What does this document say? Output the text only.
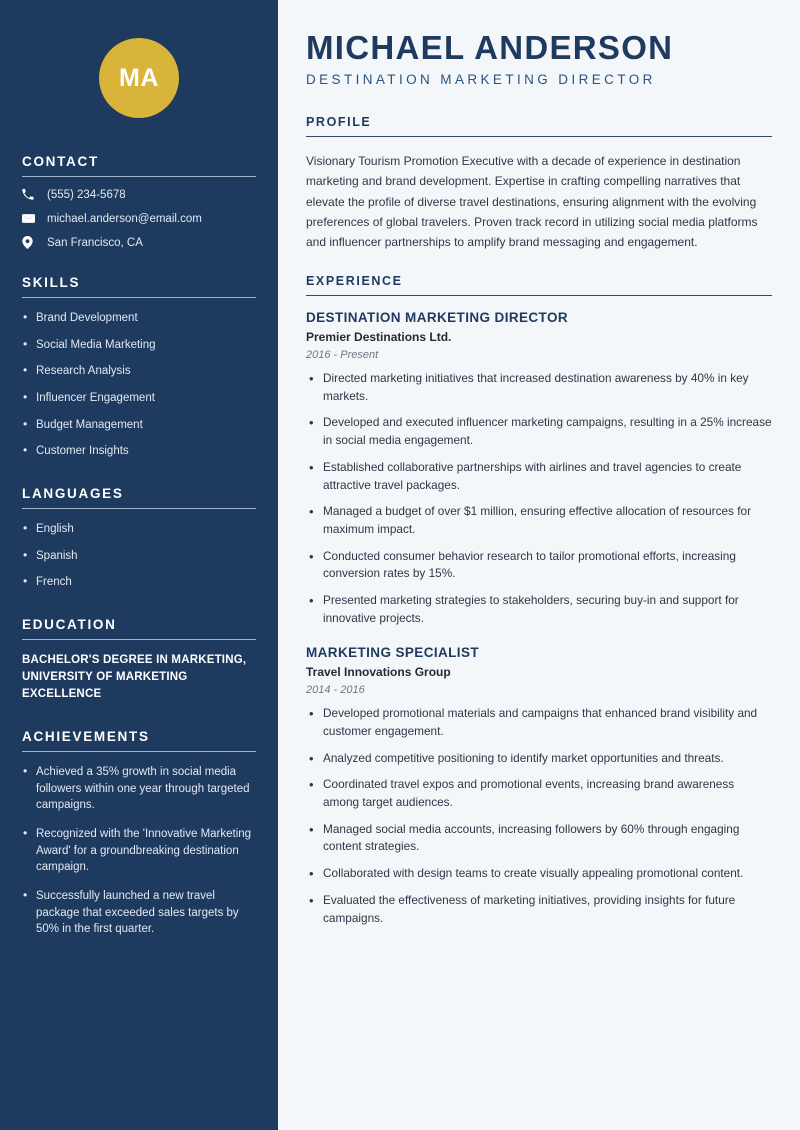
MA
CONTACT
(555) 234-5678
michael.anderson@email.com
San Francisco, CA
SKILLS
• Brand Development
• Social Media Marketing
• Research Analysis
• Influencer Engagement
• Budget Management
• Customer Insights
LANGUAGES
• English
• Spanish
• French
EDUCATION
BACHELOR'S DEGREE IN MARKETING, UNIVERSITY OF MARKETING EXCELLENCE
ACHIEVEMENTS
• Achieved a 35% growth in social media followers within one year through targeted campaigns.
• Recognized with the 'Innovative Marketing Award' for a groundbreaking destination campaign.
• Successfully launched a new travel package that exceeded sales targets by 50% in the first quarter.
MICHAEL ANDERSON
DESTINATION MARKETING DIRECTOR
PROFILE

Visionary Tourism Promotion Executive with a decade of experience in destination marketing and brand development. Expertise in crafting compelling narratives that elevate the profile of diverse travel destinations, ensuring alignment with the evolving preferences of global travelers. Proven track record in utilizing social media platforms and influencer partnerships to amplify brand messaging and engagement.

EXPERIENCE
DESTINATION MARKETING DIRECTOR
Premier Destinations Ltd.
2016 - Present
• Directed marketing initiatives that increased destination awareness by 40% in key markets.
• Developed and executed influencer marketing campaigns, resulting in a 25% increase in social media engagement.
• Established collaborative partnerships with airlines and travel agencies to create attractive travel packages.
• Managed a budget of over $1 million, ensuring effective allocation of resources for maximum impact.
• Conducted consumer behavior research to tailor promotional efforts, increasing conversion rates by 15%.
• Presented marketing strategies to stakeholders, securing buy-in and support for innovative projects.
MARKETING SPECIALIST
Travel Innovations Group
2014 - 2016
• Developed promotional materials and campaigns that enhanced brand visibility and customer engagement.
• Analyzed competitive positioning to identify market opportunities and threats.
• Coordinated travel expos and promotional events, increasing brand awareness among target audiences.
• Managed social media accounts, increasing followers by 60% through engaging content strategies.
• Collaborated with design teams to create visually appealing promotional content.
• Evaluated the effectiveness of marketing initiatives, providing insights for future campaigns.
